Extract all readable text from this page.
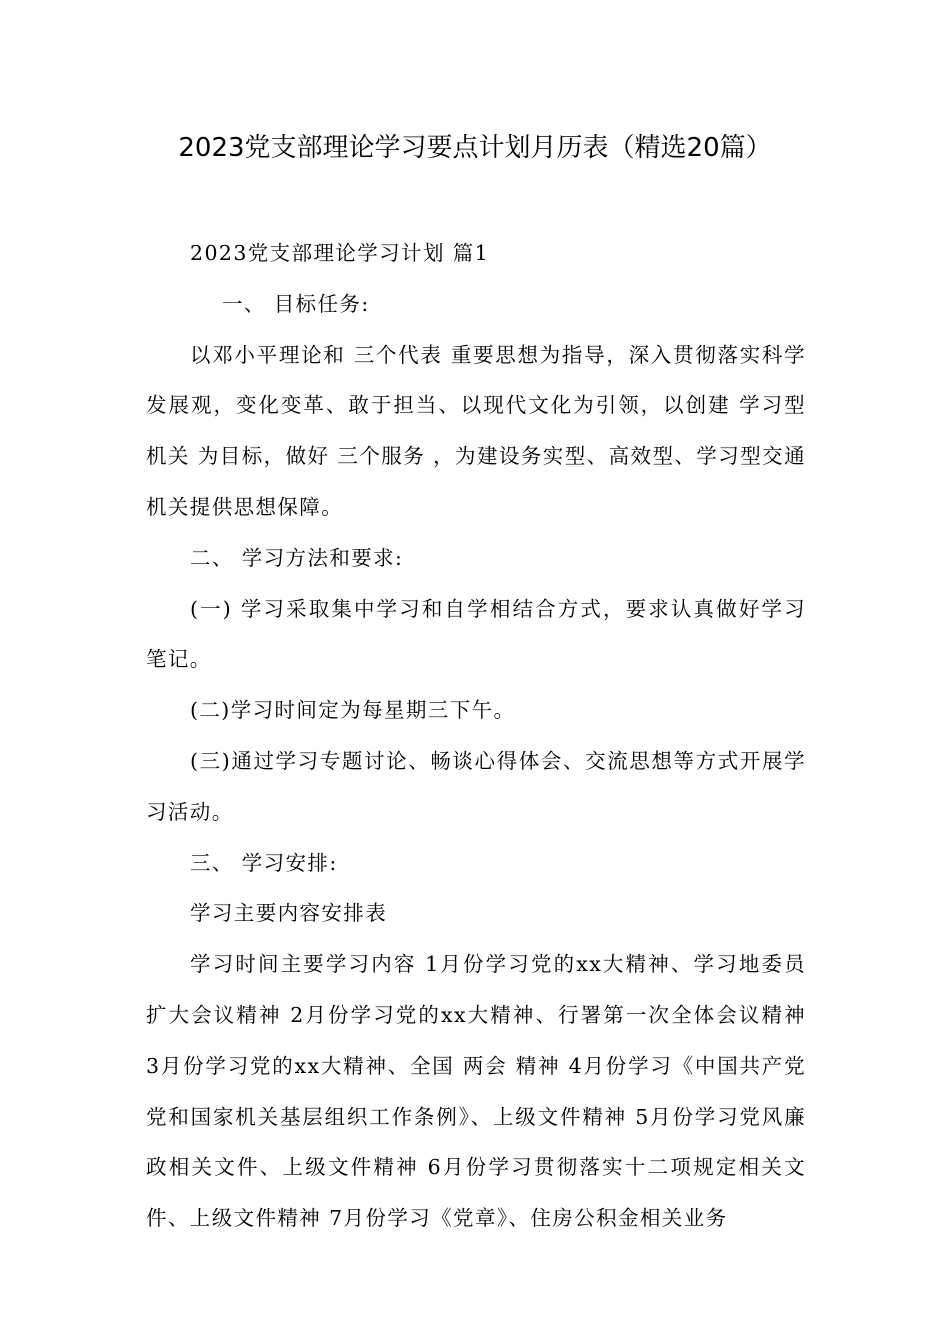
2023党支部理论学习要点计划月历表（精选20篇）

2023党支部理论学习计划 篇1

一、 目标任务:

以邓小平理论和 三个代表 重要思想为指导，深入贯彻落实科学发展观，变化变革、敢于担当、以现代文化为引领，以创建 学习型机关 为目标，做好 三个服务 ，为建设务实型、高效型、学习型交通机关提供思想保障。

二、 学习方法和要求:

(一) 学习采取集中学习和自学相结合方式，要求认真做好学习笔记。

(二)学习时间定为每星期三下午。

(三)通过学习专题讨论、畅谈心得体会、交流思想等方式开展学习活动。

三、 学习安排:

学习主要内容安排表

学习时间主要学习内容 1月份学习党的xx大精神、学习地委员扩大会议精神 2月份学习党的xx大精神、行署第一次全体会议精神 3月份学习党的xx大精神、全国 两会 精神 4月份学习《中国共产党党和国家机关基层组织工作条例》、上级文件精神 5月份学习党风廉政相关文件、上级文件精神 6月份学习贯彻落实十二项规定相关文件、上级文件精神 7月份学习《党章》、住房公积金相关业务
